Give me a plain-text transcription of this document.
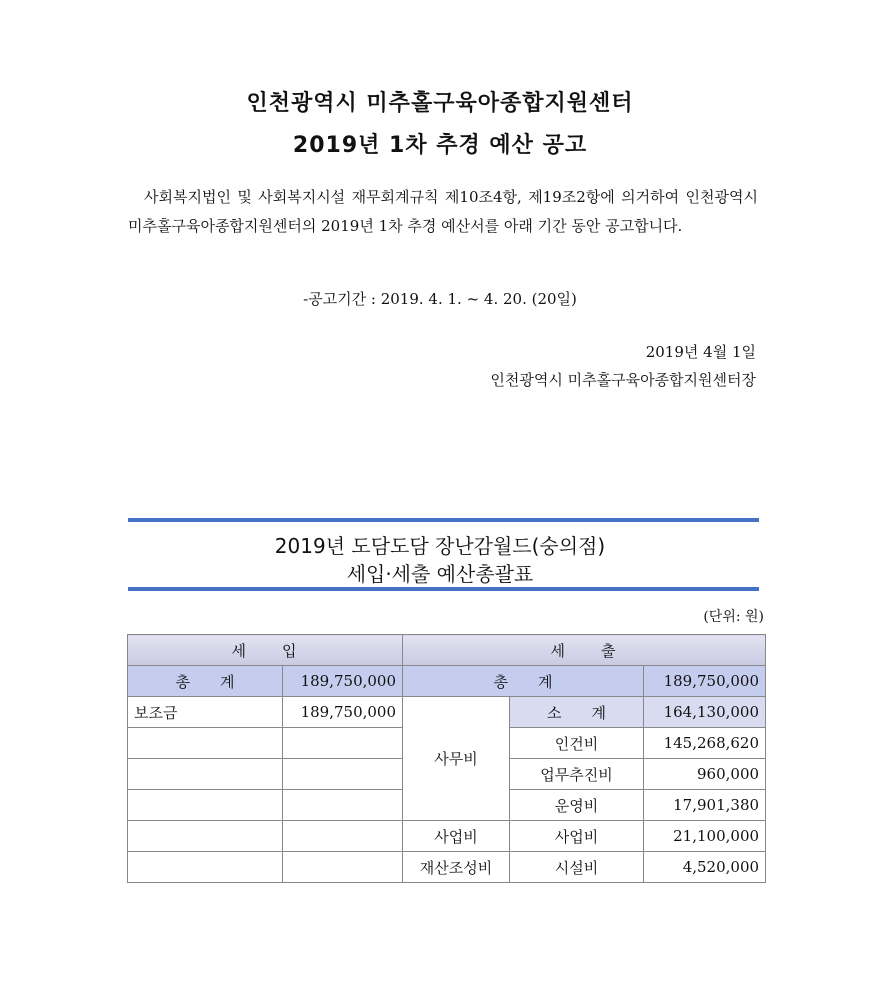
인천광역시 미추홀구육아종합지원센터
2019년 1차 추경 예산 공고
사회복지법인 및 사회복지시설 재무회계규칙 제10조4항, 제19조2항에 의거하여 인천광역시 미추홀구육아종합지원센터의 2019년 1차 추경 예산서를 아래 기간 동안 공고합니다.
-공고기간 : 2019. 4. 1. ~ 4. 20. (20일)
2019년 4월 1일
인천광역시 미추홀구육아종합지원센터장
2019년 도담도담 장난감월드(숭의점)
세입·세출 예산총괄표
(단위: 원)
세　　입		세　　출		
총　　계	189,750,000	총　　계		189,750,000
보조금	189,750,000	사무비	소　　계	164,130,000
			인건비	145,268,620
			업무추진비	960,000
			운영비	17,901,380
		사업비	사업비	21,100,000
		재산조성비	시설비	4,520,000
